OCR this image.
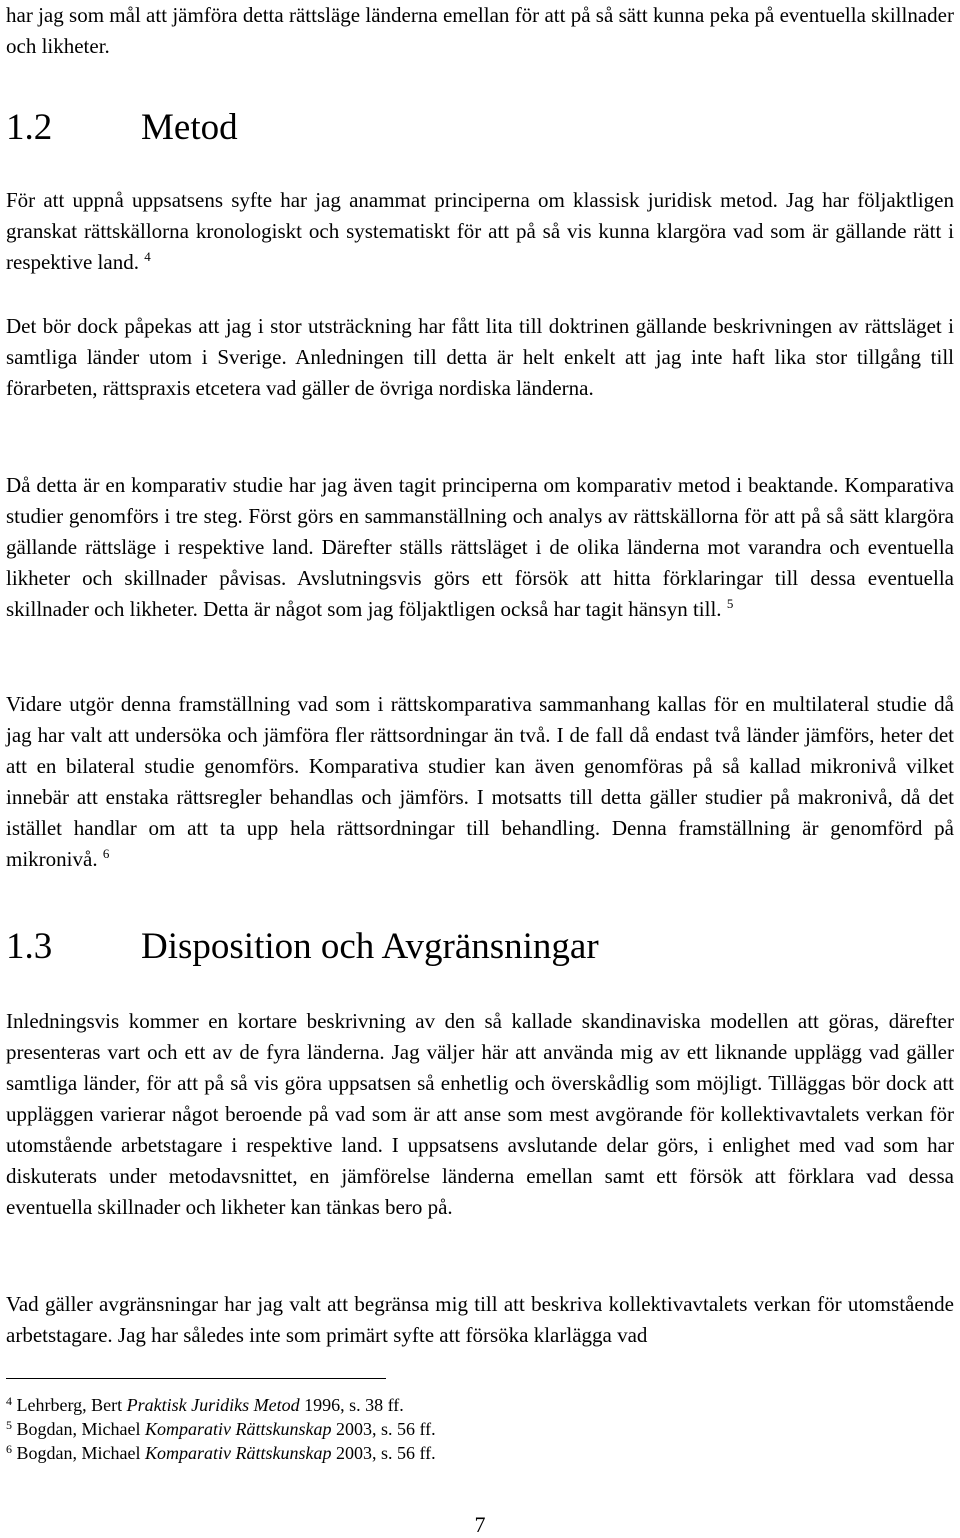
har jag som mål att jämföra detta rättsläge länderna emellan för att på så sätt kunna peka på eventuella skillnader och likheter.

1.2 Metod

För att uppnå uppsatsens syfte har jag anammat principerna om klassisk juridisk metod. Jag har följaktligen granskat rättskällorna kronologiskt och systematiskt för att på så vis kunna klargöra vad som är gällande rätt i respektive land. $^4$

Det bör dock påpekas att jag i stor utsträckning har fått lita till doktrinen gällande beskrivningen av rättsläget i samtliga länder utom i Sverige. Anledningen till detta är helt enkelt att jag inte haft lika stor tillgång till förarbeten, rättspraxis etcetera vad gäller de övriga nordiska länderna.

Då detta är en komparativ studie har jag även tagit principerna om komparativ metod i beaktande. Komparativa studier genomförs i tre steg. Först görs en sammanställning och analys av rättskällorna för att på så sätt klargöra gällande rättsläge i respektive land. Därefter ställs rättsläget i de olika länderna mot varandra och eventuella likheter och skillnader påvisas. Avslutningsvis görs ett försök att hitta förklaringar till dessa eventuella skillnader och likheter. Detta är något som jag följaktligen också har tagit hänsyn till. $^5$

Vidare utgör denna framställning vad som i rättskomparativa sammanhang kallas för en multilateral studie då jag har valt att undersöka och jämföra fler rättsordningar än två. I de fall då endast två länder jämförs, heter det att en bilateral studie genomförs. Komparativa studier kan även genomföras på så kallad mikronivå vilket innebär att enstaka rättsregler behandlas och jämförs. I motsatts till detta gäller studier på makronivå, då det istället handlar om att ta upp hela rättsordningar till behandling. Denna framställning är genomförd på mikronivå. $^6$

1.3 Disposition och Avgränsningar

Inledningsvis kommer en kortare beskrivning av den så kallade skandinaviska modellen att göras, därefter presenteras vart och ett av de fyra länderna. Jag väljer här att använda mig av ett liknande upplägg vad gäller samtliga länder, för att på så vis göra uppsatsen så enhetlig och överskådlig som möjligt. Tilläggas bör dock att uppläggen varierar något beroende på vad som är att anse som mest avgörande för kollektivavtalets verkan för utomstående arbetstagare i respektive land. I uppsatsens avslutande delar görs, i enlighet med vad som har diskuterats under metodavsnittet, en jämförelse länderna emellan samt ett försök att förklara vad dessa eventuella skillnader och likheter kan tänkas bero på.

Vad gäller avgränsningar har jag valt att begränsa mig till att beskriva kollektivavtalets verkan för utomstående arbetstagare. Jag har således inte som primärt syfte att försöka klarlägga vad

$^4$ Lehrberg, Bert Praktisk Juridiks Metod 1996, s. 38 ff.

$^5$ Bogdan, Michael Komparativ Rättskunskap 2003, s. 56 ff.

$^6$ Bogdan, Michael Komparativ Rättskunskap 2003, s. 56 ff.

7
